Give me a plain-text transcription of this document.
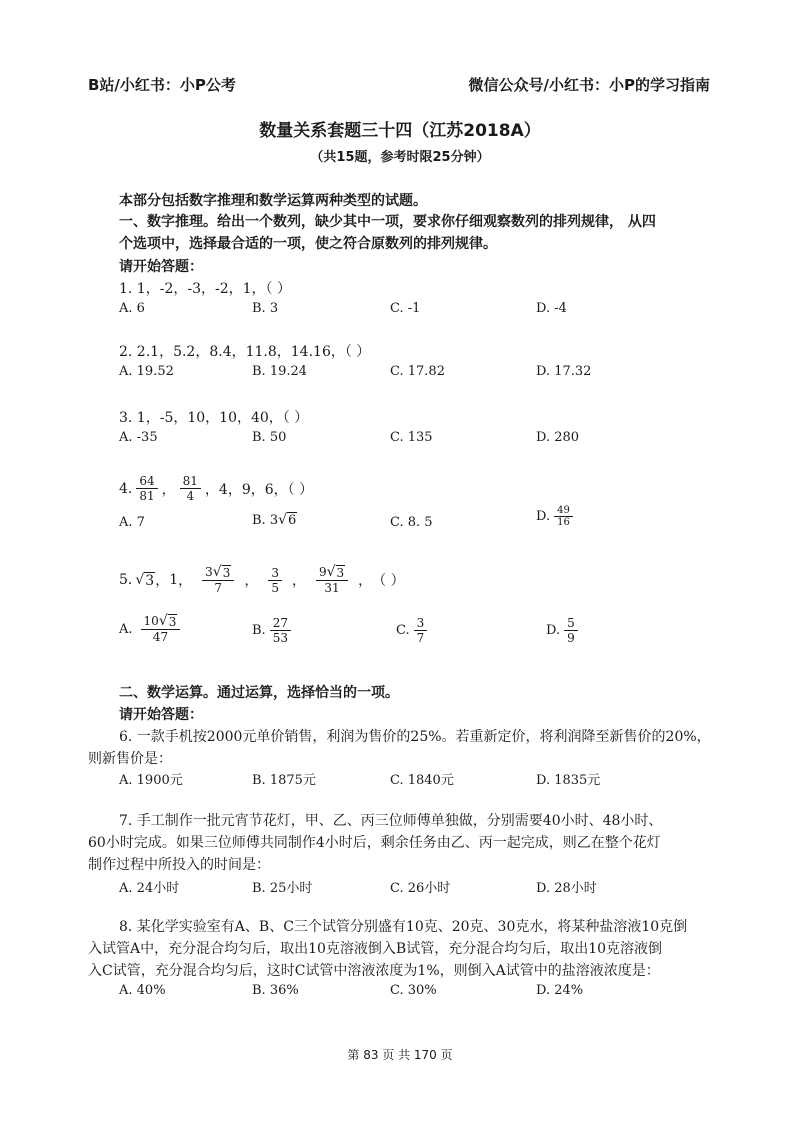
B站/小红书：小P公考	微信公众号/小红书：小P的学习指南
数量关系套题三十四（江苏2018A）
（共15题，参考时限25分钟）
本部分包括数字推理和数学运算两种类型的试题。
一、数字推理。给出一个数列，缺少其中一项，要求你仔细观察数列的排列规律， 从四
个选项中，选择最合适的一项，使之符合原数列的排列规律。
请开始答题：
1. 1，-2，-3，-2，1，（ ）
A. 6	B. 3	C. -1	D. -4
2. 2.1，5.2，8.4，11.8，14.16，（ ）
A. 19.52	B. 19.24	C. 17.82	D. 17.32
3. 1，-5，10，10，40，（ ）
A. -35	B. 50	C. 135	D. 280
4. $\frac{64}{81}$ ， $\frac{81}{4}$ ，4，9，6，（ ）
A. 7	B. 3 √ 6	C. 8. 5	D. $\frac{49}{16}$
5. √ 3 ， 1 ， $\frac{3 √ 3}{7}$ ， $\frac{3}{5}$ ， $\frac{9 √ 3}{31}$ ， （ ）
A. $\frac{10 √ 3}{47}$	B. $\frac{27}{53}$	C. $\frac{3}{7}$	D. $\frac{5}{9}$
二、数学运算。通过运算，选择恰当的一项。
请开始答题：
6. 一款手机按2000元单价销售，利润为售价的25%。若重新定价，将利润降至新售价的20%，
则新售价是：
A. 1900元	B. 1875元	C. 1840元	D. 1835元
7. 手工制作一批元宵节花灯，甲、乙、丙三位师傅单独做，分别需要40小时、48小时、
60小时完成。如果三位师傅共同制作4小时后，剩余任务由乙、丙一起完成，则乙在整个花灯
制作过程中所投入的时间是：
A. 24小时	B. 25小时	C. 26小时	D. 28小时
8. 某化学实验室有A、B、C三个试管分别盛有10克、20克、30克水，将某种盐溶液10克倒
入试管A中，充分混合均匀后，取出10克溶液倒入B试管，充分混合均匀后，取出10克溶液倒
入C试管，充分混合均匀后，这时C试管中溶液浓度为1%，则倒入A试管中的盐溶液浓度是：
A. 40%	B. 36%	C. 30%	D. 24%
第 83 页 共 170 页
